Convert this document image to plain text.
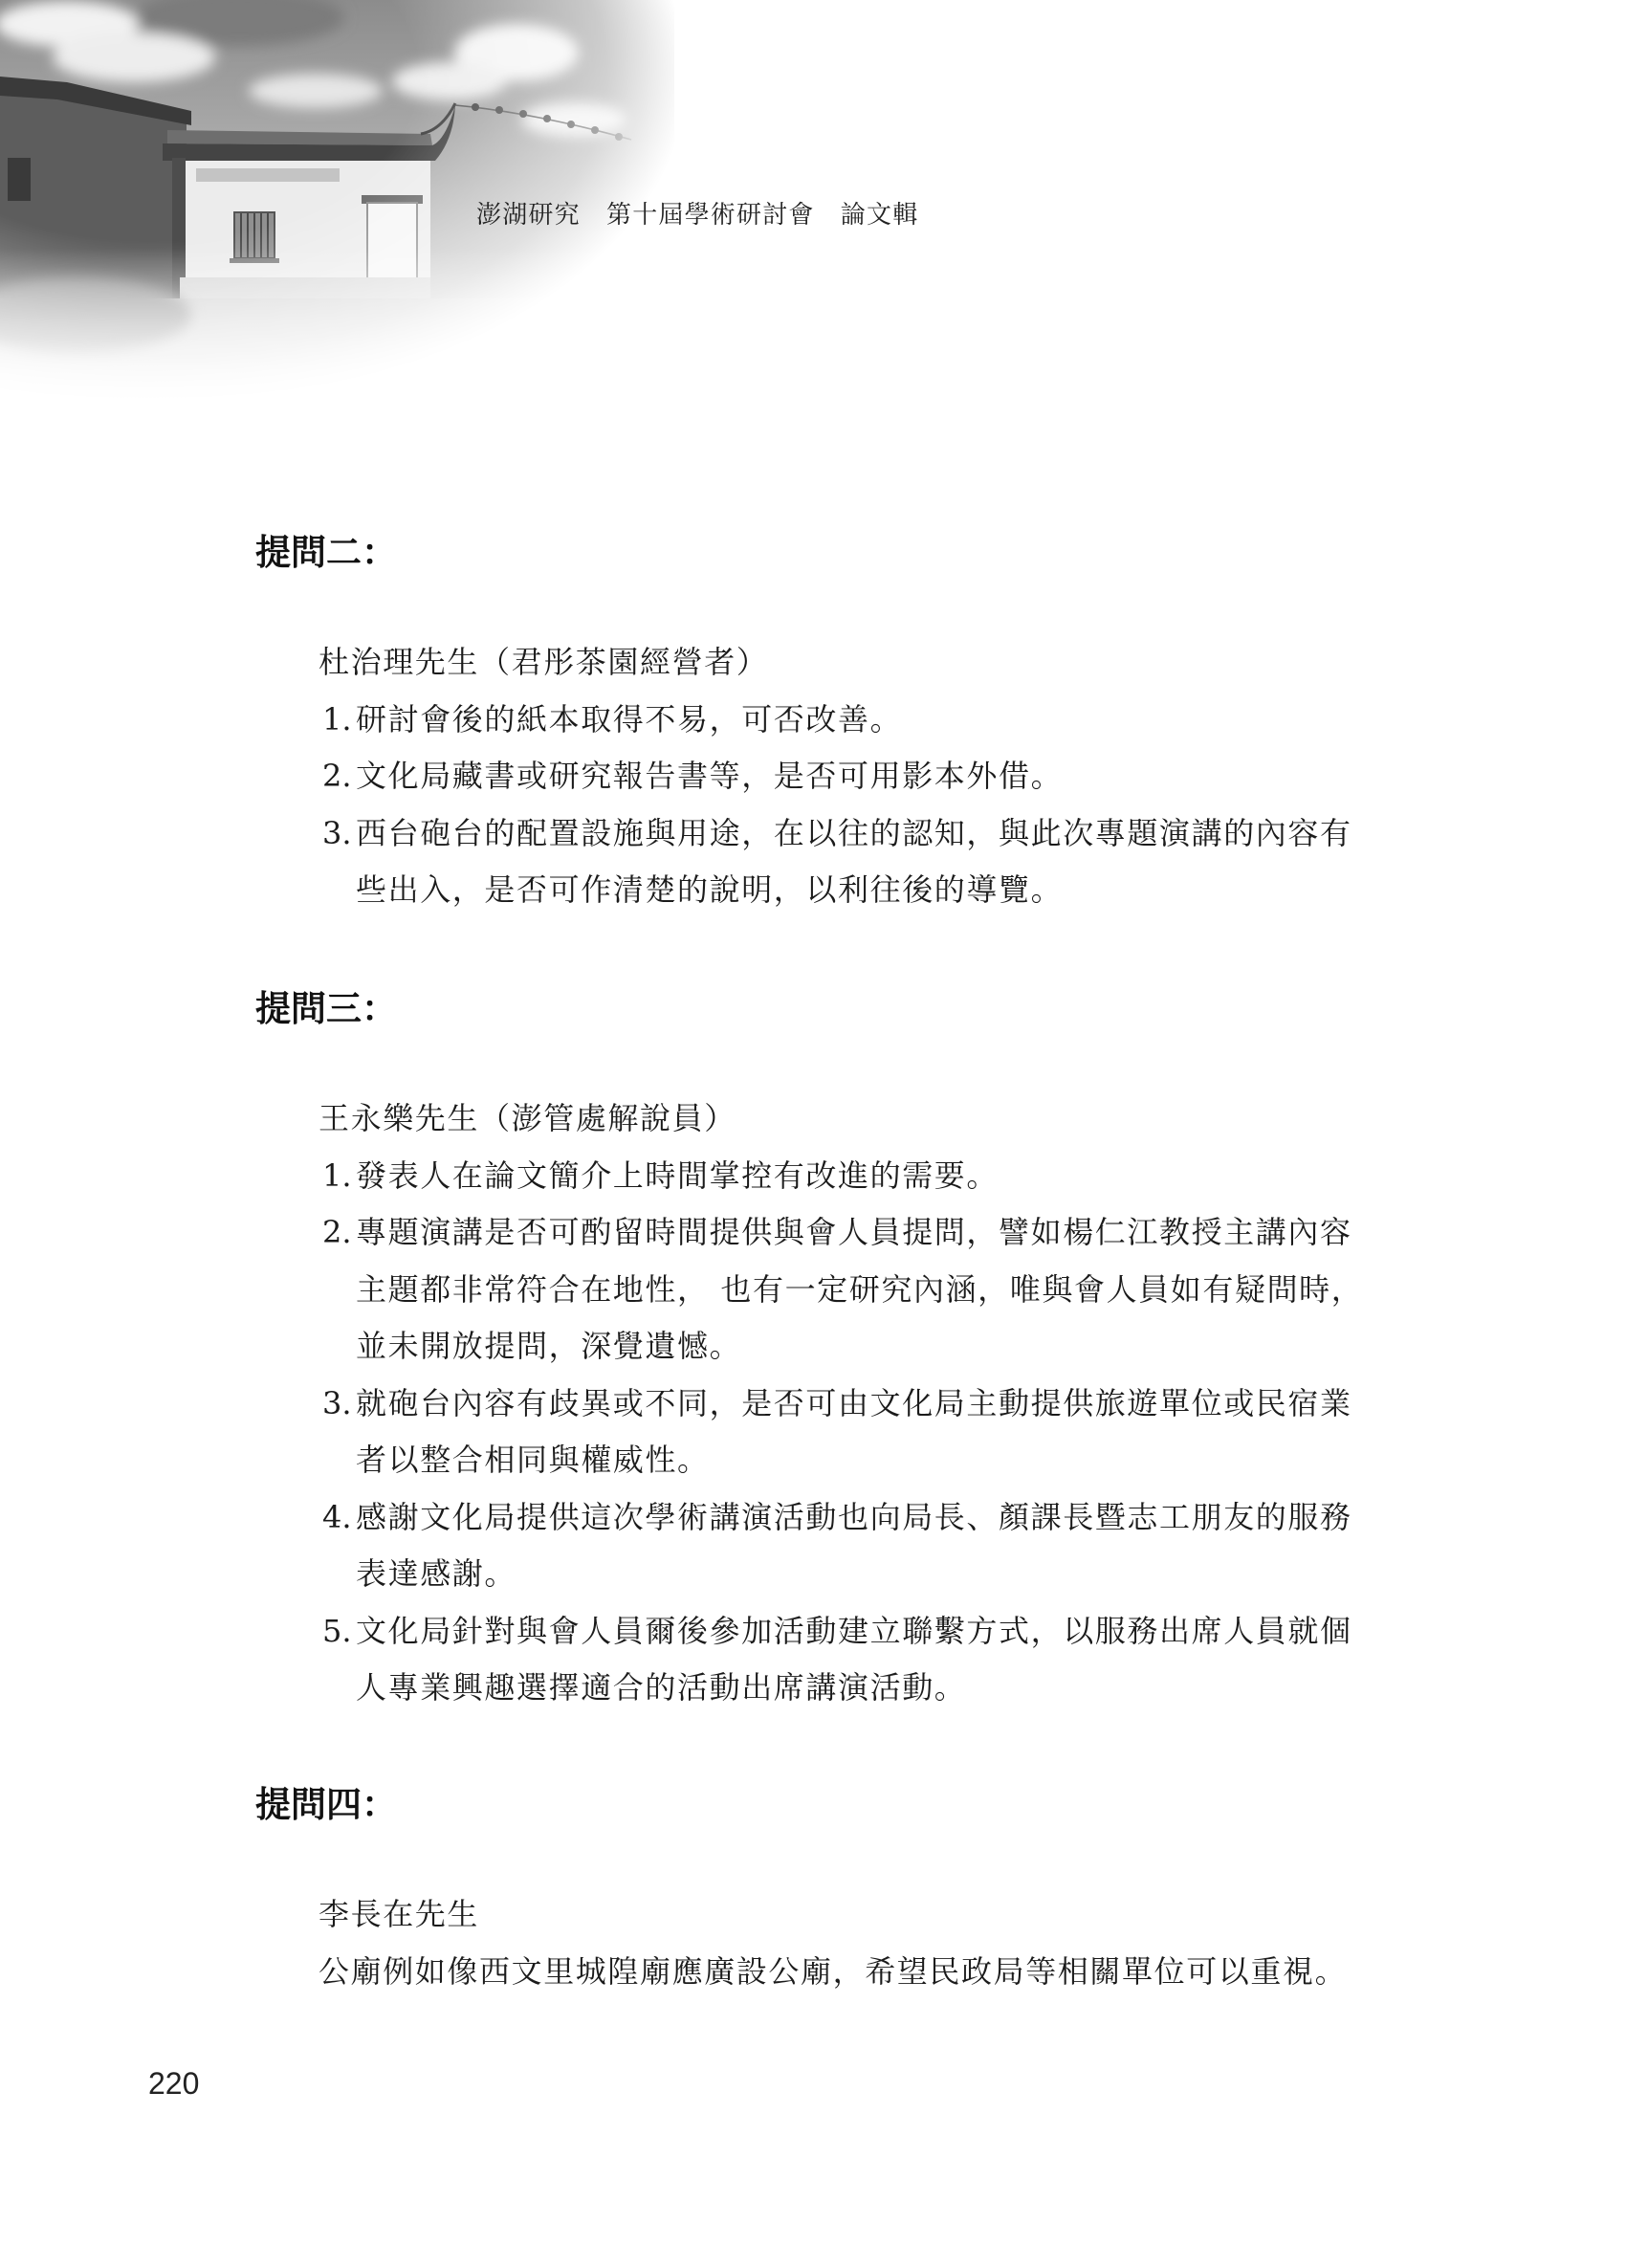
澎湖研究　第十屆學術研討會　論文輯
提問二：
杜治理先生（君彤茶園經營者）
1. 研討會後的紙本取得不易，可否改善。
2. 文化局藏書或研究報告書等，是否可用影本外借。
3. 西台砲台的配置設施與用途，在以往的認知，與此次專題演講的內容有
些出入，是否可作清楚的說明，以利往後的導覽。
提問三：
王永樂先生（澎管處解說員）
1. 發表人在論文簡介上時間掌控有改進的需要。
2. 專題演講是否可酌留時間提供與會人員提問，譬如楊仁江教授主講內容
主題都非常符合在地性， 也有一定研究內涵，唯與會人員如有疑問時，
並未開放提問，深覺遺憾。
3. 就砲台內容有歧異或不同，是否可由文化局主動提供旅遊單位或民宿業
者以整合相同與權威性。
4. 感謝文化局提供這次學術講演活動也向局長、顏課長暨志工朋友的服務
表達感謝。
5. 文化局針對與會人員爾後參加活動建立聯繫方式，以服務出席人員就個
人專業興趣選擇適合的活動出席講演活動。
提問四：
李長在先生
公廟例如像西文里城隍廟應廣設公廟，希望民政局等相關單位可以重視。
220
